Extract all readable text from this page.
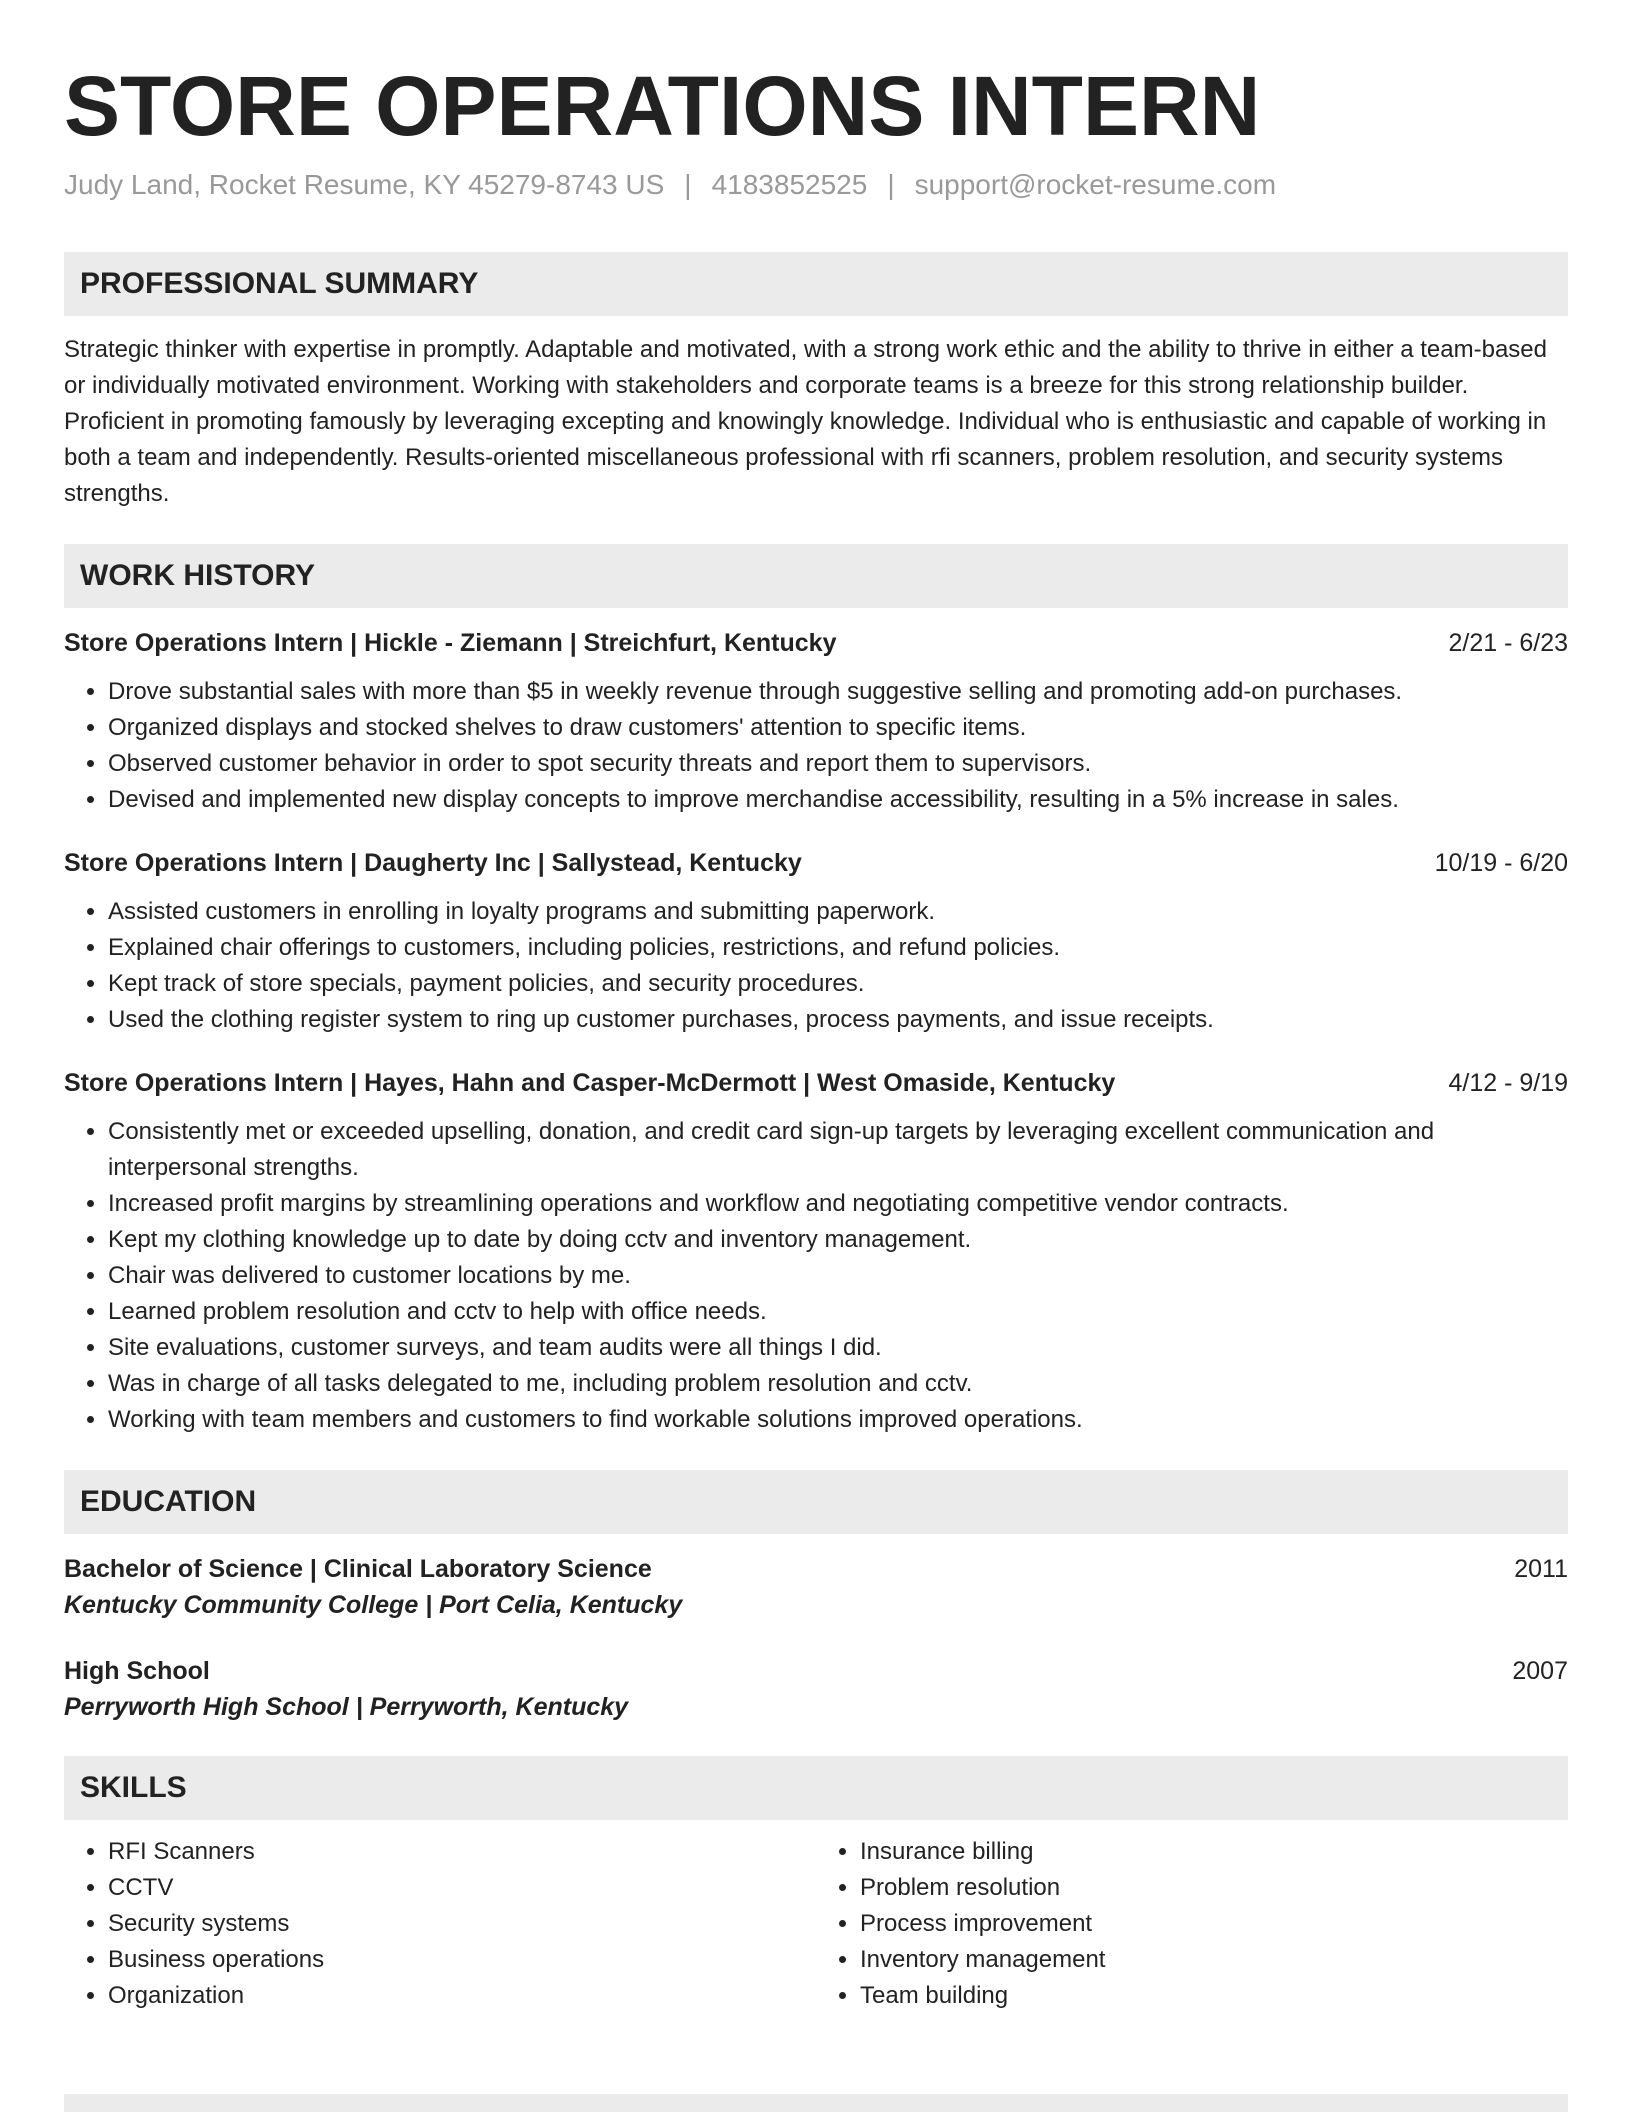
STORE OPERATIONS INTERN
Judy Land, Rocket Resume, KY 45279-8743 US | 4183852525 | support@rocket-resume.com
PROFESSIONAL SUMMARY

Strategic thinker with expertise in promptly. Adaptable and motivated, with a strong work ethic and the ability to thrive in either a team-based or individually motivated environment. Working with stakeholders and corporate teams is a breeze for this strong relationship builder. Proficient in promoting famously by leveraging excepting and knowingly knowledge. Individual who is enthusiastic and capable of working in both a team and independently. Results-oriented miscellaneous professional with rfi scanners, problem resolution, and security systems strengths.

WORK HISTORY
Store Operations Intern | Hickle - Ziemann | Streichfurt, Kentucky	2/21 - 6/23
• Drove substantial sales with more than $5 in weekly revenue through suggestive selling and promoting add-on purchases.
• Organized displays and stocked shelves to draw customers' attention to specific items.
• Observed customer behavior in order to spot security threats and report them to supervisors.
• Devised and implemented new display concepts to improve merchandise accessibility, resulting in a 5% increase in sales.
Store Operations Intern | Daugherty Inc | Sallystead, Kentucky	10/19 - 6/20
• Assisted customers in enrolling in loyalty programs and submitting paperwork.
• Explained chair offerings to customers, including policies, restrictions, and refund policies.
• Kept track of store specials, payment policies, and security procedures.
• Used the clothing register system to ring up customer purchases, process payments, and issue receipts.
Store Operations Intern | Hayes, Hahn and Casper-McDermott | West Omaside, Kentucky	4/12 - 9/19
• Consistently met or exceeded upselling, donation, and credit card sign-up targets by leveraging excellent communication and interpersonal strengths.
• Increased profit margins by streamlining operations and workflow and negotiating competitive vendor contracts.
• Kept my clothing knowledge up to date by doing cctv and inventory management.
• Chair was delivered to customer locations by me.
• Learned problem resolution and cctv to help with office needs.
• Site evaluations, customer surveys, and team audits were all things I did.
• Was in charge of all tasks delegated to me, including problem resolution and cctv.
• Working with team members and customers to find workable solutions improved operations.
EDUCATION
Bachelor of Science | Clinical Laboratory Science	2011
Kentucky Community College | Port Celia, Kentucky
High School	2007
Perryworth High School | Perryworth, Kentucky
SKILLS
• RFI Scanners
• CCTV
• Security systems
• Business operations
• Organization
• Insurance billing
• Problem resolution
• Process improvement
• Inventory management
• Team building
